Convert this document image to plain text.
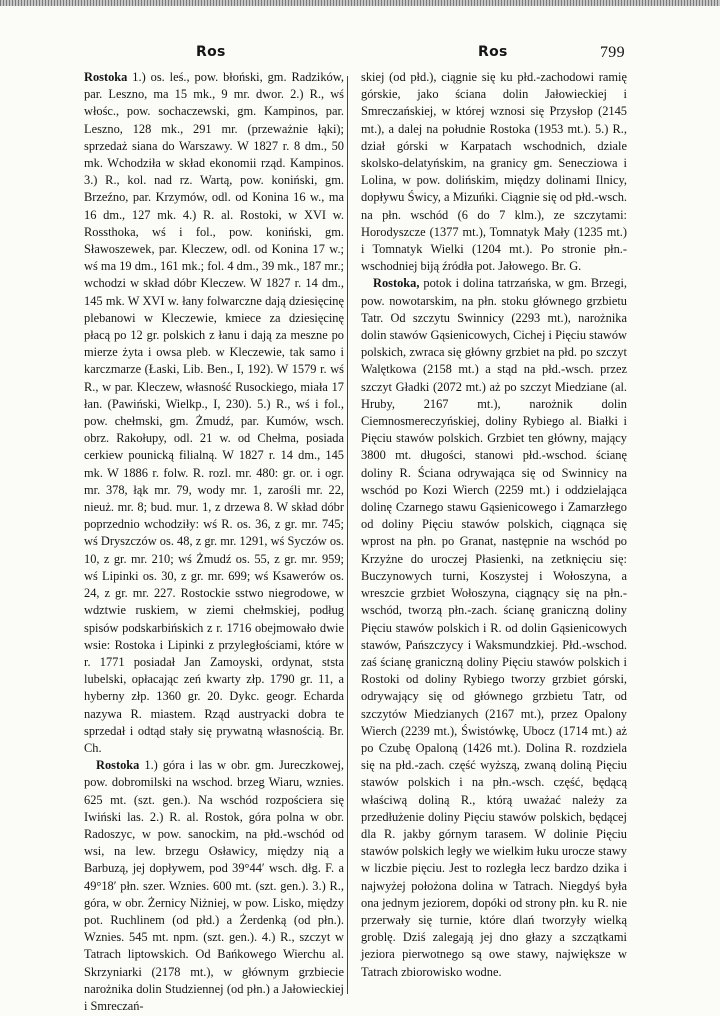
Ros	Ros	799

Rostoka 1.) os. leś., pow. błoński, gm. Radzików, par. Leszno, ma 15 mk., 9 mr. dwor. 2.) R., wś włośc., pow. sochaczewski, gm. Kampinos, par. Leszno, 128 mk., 291 mr. (przeważnie łąki); sprzedaż siana do Warszawy. W 1827 r. 8 dm., 50 mk. Wchodziła w skład ekonomii rząd. Kampinos. 3.) R., kol. nad rz. Wartą, pow. koniński, gm. Brzeźno, par. Krzymów, odl. od Konina 16 w., ma 16 dm., 127 mk. 4.) R. al. Rostoki, w XVI w. Rossthoka, wś i fol., pow. koniński, gm. Sławoszewek, par. Kleczew, odl. od Konina 17 w.; wś ma 19 dm., 161 mk.; fol. 4 dm., 39 mk., 187 mr.; wchodzi w skład dóbr Kleczew. W 1827 r. 14 dm., 145 mk. W XVI w. łany folwarczne dają dziesięcinę plebanowi w Kleczewie, kmiece za dziesięcinę płacą po 12 gr. polskich z łanu i dają za meszne po mierze żyta i owsa pleb. w Kleczewie, tak samo i karczmarze (Łaski, Lib. Ben., I, 192). W 1579 r. wś R., w par. Kleczew, własność Rusockiego, miała 17 łan. (Pawiński, Wielkp., I, 230). 5.) R., wś i fol., pow. chełmski, gm. Żmudź, par. Kumów, wsch. obrz. Rakołupy, odl. 21 w. od Chełma, posiada cerkiew pounicką filialną. W 1827 r. 14 dm., 145 mk. W 1886 r. folw. R. rozl. mr. 480: gr. or. i ogr. mr. 378, łąk mr. 79, wody mr. 1, zarośli mr. 22, nieuż. mr. 8; bud. mur. 1, z drzewa 8. W skład dóbr poprzednio wchodziły: wś R. os. 36, z gr. mr. 745; wś Dryszczów os. 48, z gr. mr. 1291, wś Syczów os. 10, z gr. mr. 210; wś Żmudź os. 55, z gr. mr. 959; wś Lipinki os. 30, z gr. mr. 699; wś Ksawerów os. 24, z gr. mr. 227. Rostockie sstwo niegrodowe, w wdztwie ruskiem, w ziemi chełmskiej, podług spisów podskarbińskich z r. 1716 obejmowało dwie wsie: Rostoka i Lipinki z przyległościami, które w r. 1771 posiadał Jan Zamoyski, ordynat, ststa lubelski, opłacając zeń kwarty złp. 1790 gr. 11, a hyberny złp. 1360 gr. 20. Dykc. geogr. Echarda nazywa R. miastem. Rząd austryacki dobra te sprzedał i odtąd stały się prywatną własnością. Br. Ch.

Rostoka 1.) góra i las w obr. gm. Jureczkowej, pow. dobromilski na wschod. brzeg Wiaru, wznies. 625 mt. (szt. gen.). Na wschód rozpościera się Iwiński las. 2.) R. al. Rostok, góra polna w obr. Radoszyc, w pow. sanockim, na płd.-wschód od wsi, na lew. brzegu Osławicy, między nią a Barbuzą, jej dopływem, pod 39°44′ wsch. dłg. F. a 49°18′ płn. szer. Wznies. 600 mt. (szt. gen.). 3.) R., góra, w obr. Żernicy Niżniej, w pow. Lisko, między pot. Ruchlinem (od płd.) a Żerdenką (od płn.). Wznies. 545 mt. npm. (szt. gen.). 4.) R., szczyt w Tatrach liptowskich. Od Bańkowego Wierchu al. Skrzyniarki (2178 mt.), w głównym grzbiecie narożnika dolin Studziennej (od płn.) a Jałowieckiej i Smreczań-

skiej (od płd.), ciągnie się ku płd.-zachodowi ramię górskie, jako ściana dolin Jałowieckiej i Smreczańskiej, w której wznosi się Przysłop (2145 mt.), a dalej na południe Rostoka (1953 mt.). 5.) R., dział górski w Karpatach wschodnich, dziale skolsko-delatyńskim, na granicy gm. Senecziowa i Lolina, w pow. dolińskim, między dolinami Ilnicy, dopływu Świcy, a Mizuńki. Ciągnie się od płd.-wsch. na płn. wschód (6 do 7 klm.), ze szczytami: Horodyszcze (1377 mt.), Tomnatyk Mały (1235 mt.) i Tomnatyk Wielki (1204 mt.). Po stronie płn.-wschodniej biją źródła pot. Jałowego. Br. G.

Rostoka, potok i dolina tatrzańska, w gm. Brzegi, pow. nowotarskim, na płn. stoku głównego grzbietu Tatr. Od szczytu Swinnicy (2293 mt.), narożnika dolin stawów Gąsienicowych, Cichej i Pięciu stawów polskich, zwraca się główny grzbiet na płd. po szczyt Walętkowa (2158 mt.) a stąd na płd.-wsch. przez szczyt Gładki (2072 mt.) aż po szczyt Miedziane (al. Hruby, 2167 mt.), narożnik dolin Ciemnosmereczyńskiej, doliny Rybiego al. Białki i Pięciu stawów polskich. Grzbiet ten główny, mający 3800 mt. długości, stanowi płd.-wschod. ścianę doliny R. Ściana odrywająca się od Swinnicy na wschód po Kozi Wierch (2259 mt.) i oddzielająca dolinę Czarnego stawu Gąsienicowego i Zamarzłego od doliny Pięciu stawów polskich, ciągnąca się wprost na płn. po Granat, następnie na wschód po Krzyżne do uroczej Płasienki, na zetknięciu się: Buczynowych turni, Koszystej i Wołoszyna, a wreszcie grzbiet Wołoszyna, ciągnący się na płn.-wschód, tworzą płn.-zach. ścianę graniczną doliny Pięciu stawów polskich i R. od dolin Gąsienicowych stawów, Pańszczycy i Waksmundzkiej. Płd.-wschod. zaś ścianę graniczną doliny Pięciu stawów polskich i Rostoki od doliny Rybiego tworzy grzbiet górski, odrywający się od głównego grzbietu Tatr, od szczytów Miedzianych (2167 mt.), przez Opalony Wierch (2239 mt.), Świstówkę, Ubocz (1714 mt.) aż po Czubę Opaloną (1426 mt.). Dolina R. rozdziela się na płd.-zach. część wyższą, zwaną doliną Pięciu stawów polskich i na płn.-wsch. część, będącą właściwą doliną R., którą uważać należy za przedłużenie doliny Pięciu stawów polskich, będącej dla R. jakby górnym tarasem. W dolinie Pięciu stawów polskich legły we wielkim łuku urocze stawy w liczbie pięciu. Jest to rozległa lecz bardzo dzika i najwyżej położona dolina w Tatrach. Niegdyś była ona jednym jeziorem, dopóki od strony płn. ku R. nie przerwały się turnie, które dlań tworzyły wielką groblę. Dziś zalegają jej dno głazy a szczątkami jeziora pierwotnego są owe stawy, największe w Tatrach zbiorowisko wodne.
